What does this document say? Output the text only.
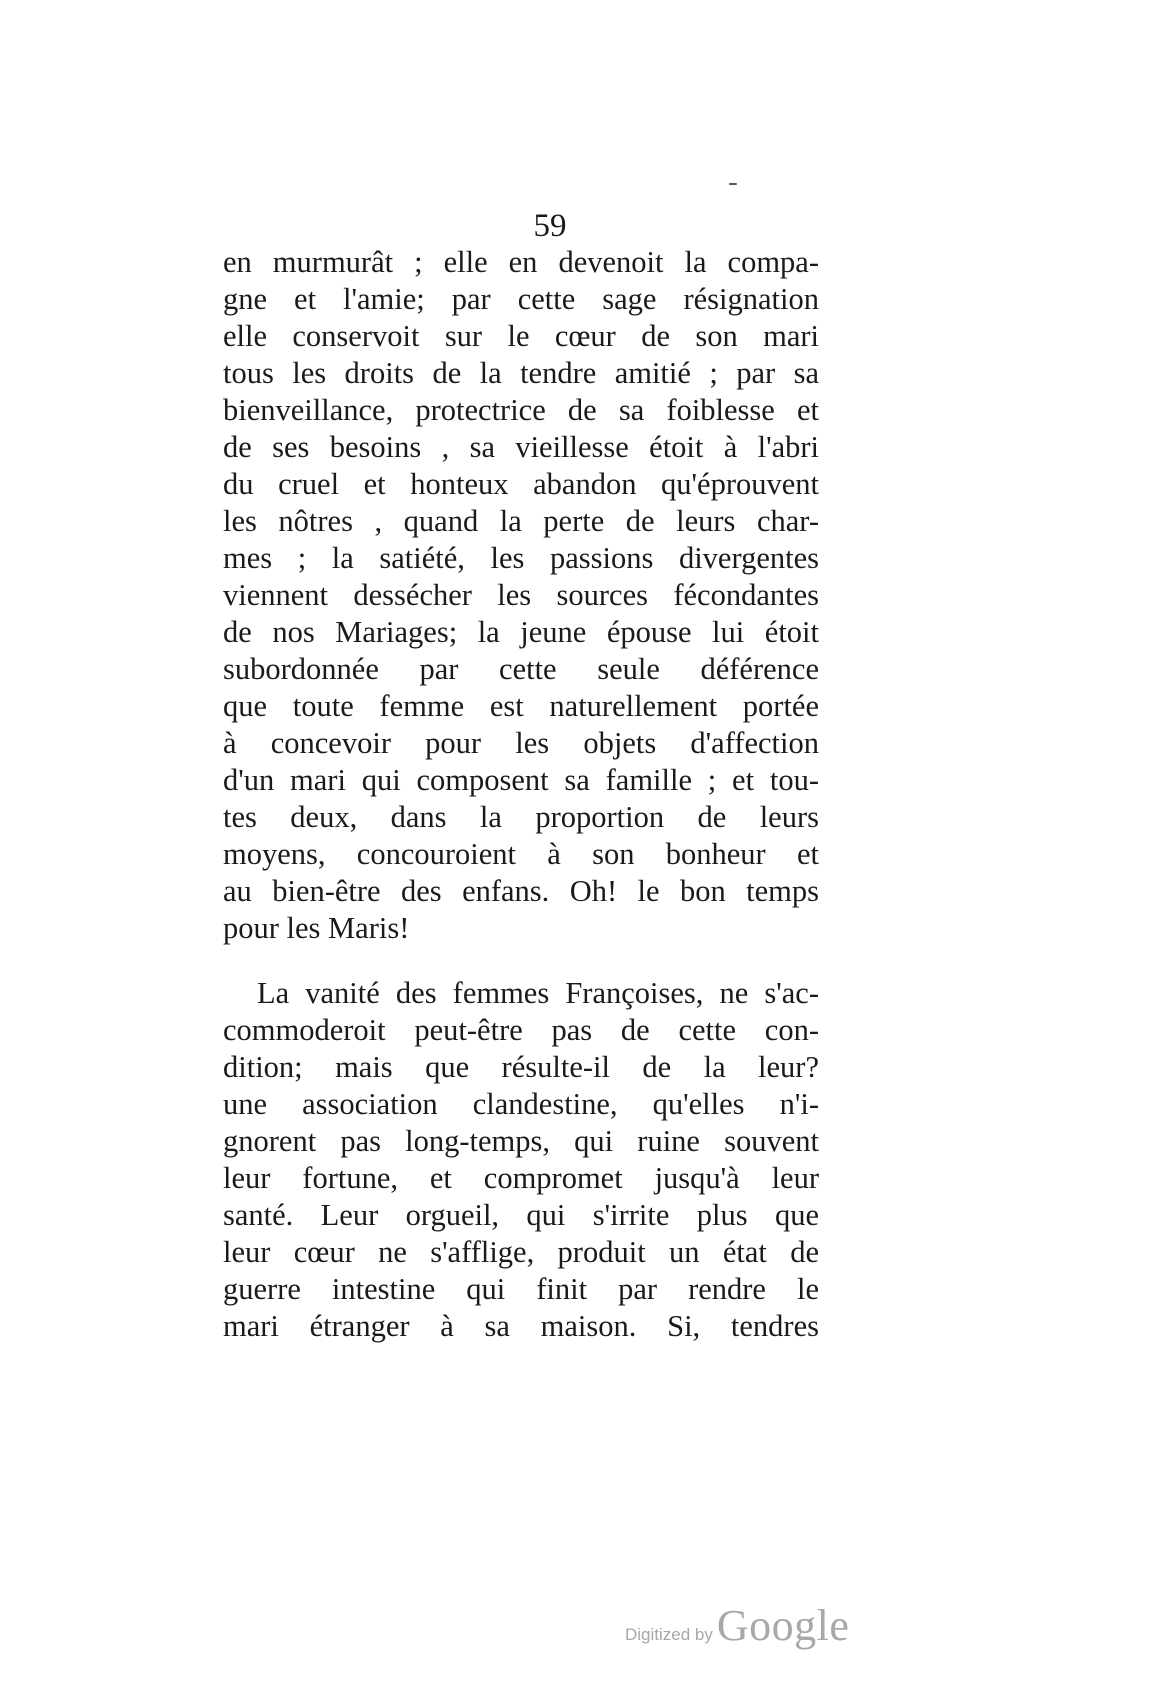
59
en murmurât ; elle en devenoit la compa-
gne et l'amie; par cette sage résignation
elle conservoit sur le cœur de son mari
tous les droits de la tendre amitié ; par sa
bienveillance, protectrice de sa foiblesse et
de ses besoins , sa vieillesse étoit à l'abri
du cruel et honteux abandon qu'éprouvent
les nôtres , quand la perte de leurs char-
mes ; la satiété, les passions divergentes
viennent dessécher les sources fécondantes
de nos Mariages; la jeune épouse lui étoit
subordonnée par cette seule déférence
que toute femme est naturellement portée
à concevoir pour les objets d'affection
d'un mari qui composent sa famille ; et tou-
tes deux, dans la proportion de leurs
moyens, concouroient à son bonheur et
au bien-être des enfans. Oh! le bon temps
pour les Maris!
La vanité des femmes Françoises, ne s'ac-
commoderoit peut-être pas de cette con-
dition; mais que résulte-il de la leur?
une association clandestine, qu'elles n'i-
gnorent pas long-temps, qui ruine souvent
leur fortune, et compromet jusqu'à leur
santé. Leur orgueil, qui s'irrite plus que
leur cœur ne s'afflige, produit un état de
guerre intestine qui finit par rendre le
mari étranger à sa maison. Si, tendres
Digitized byGoogle
